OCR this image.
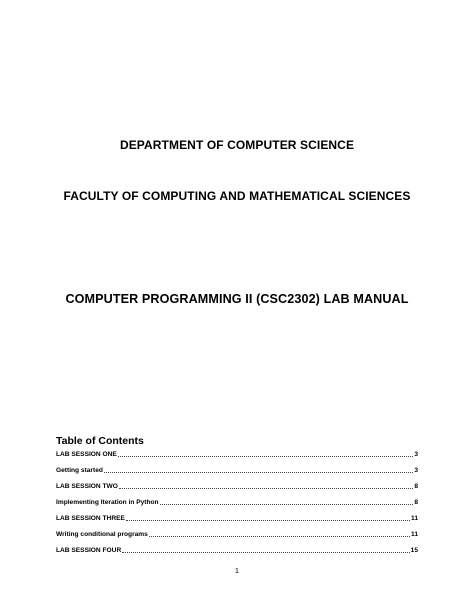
DEPARTMENT OF COMPUTER SCIENCE
FACULTY OF COMPUTING AND MATHEMATICAL SCIENCES
COMPUTER PROGRAMMING II (CSC2302) LAB MANUAL
Table of Contents
LAB SESSION ONE	3
Getting started	3
LAB SESSION TWO	8
Implementing Iteration in Python	8
LAB SESSION THREE	11
Writing conditional programs	11
LAB SESSION FOUR	15
1
